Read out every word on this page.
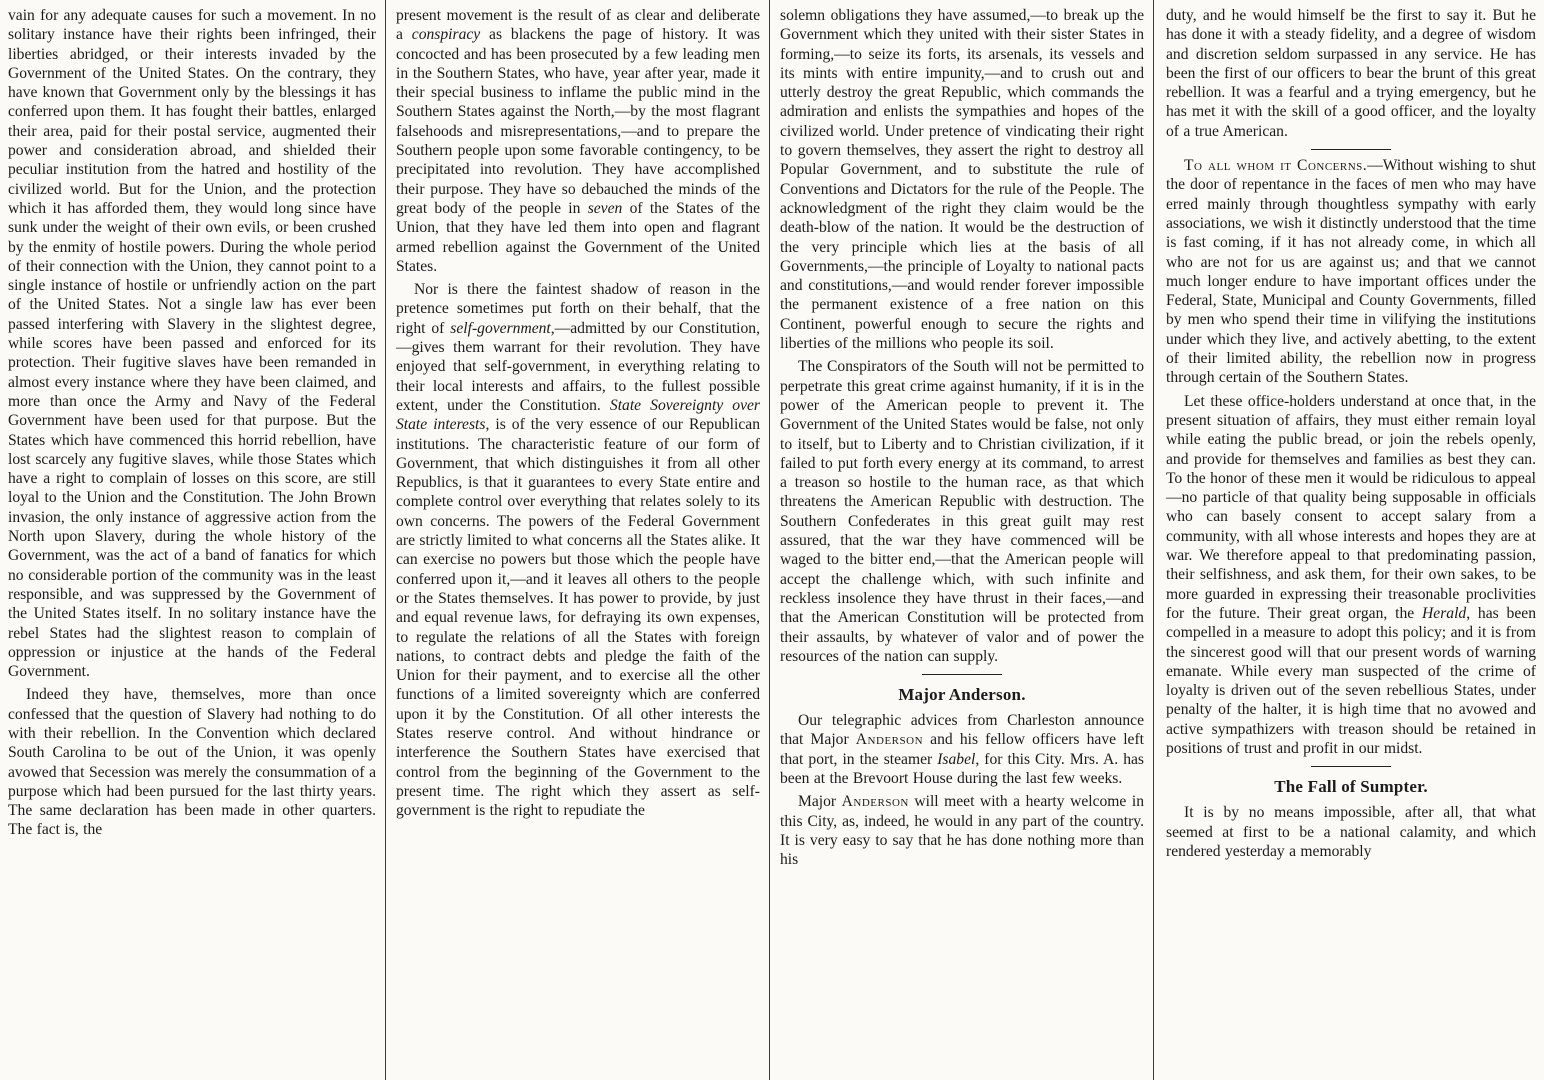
vain for any adequate causes for such a movement. In no solitary instance have their rights been infringed, their liberties abridged, or their interests invaded by the Government of the United States. On the contrary, they have known that Government only by the blessings it has conferred upon them. It has fought their battles, enlarged their area, paid for their postal service, augmented their power and consideration abroad, and shielded their peculiar institution from the hatred and hostility of the civilized world. But for the Union, and the protection which it has afforded them, they would long since have sunk under the weight of their own evils, or been crushed by the enmity of hostile powers. During the whole period of their connection with the Union, they cannot point to a single instance of hostile or unfriendly action on the part of the United States. Not a single law has ever been passed interfering with Slavery in the slightest degree, while scores have been passed and enforced for its protection. Their fugitive slaves have been remanded in almost every instance where they have been claimed, and more than once the Army and Navy of the Federal Government have been used for that purpose. But the States which have commenced this horrid rebellion, have lost scarcely any fugitive slaves, while those States which have a right to complain of losses on this score, are still loyal to the Union and the Constitution. The John Brown invasion, the only instance of aggressive action from the North upon Slavery, during the whole history of the Government, was the act of a band of fanatics for which no considerable portion of the community was in the least responsible, and was suppressed by the Government of the United States itself. In no solitary instance have the rebel States had the slightest reason to complain of oppression or injustice at the hands of the Federal Government.

Indeed they have, themselves, more than once confessed that the question of Slavery had nothing to do with their rebellion. In the Convention which declared South Carolina to be out of the Union, it was openly avowed that Secession was merely the consummation of a purpose which had been pursued for the last thirty years. The same declaration has been made in other quarters. The fact is, the

present movement is the result of as clear and deliberate a conspiracy as blackens the page of history. It was concocted and has been prosecuted by a few leading men in the Southern States, who have, year after year, made it their special business to inflame the public mind in the Southern States against the North,—by the most flagrant falsehoods and misrepresentations,—and to prepare the Southern people upon some favorable contingency, to be precipitated into revolution. They have accomplished their purpose. They have so debauched the minds of the great body of the people in seven of the States of the Union, that they have led them into open and flagrant armed rebellion against the Government of the United States.

Nor is there the faintest shadow of reason in the pretence sometimes put forth on their behalf, that the right of self-government,—admitted by our Constitution,—gives them warrant for their revolution. They have enjoyed that self-government, in everything relating to their local interests and affairs, to the fullest possible extent, under the Constitution. State Sovereignty over State interests, is of the very essence of our Republican institutions. The characteristic feature of our form of Government, that which distinguishes it from all other Republics, is that it guarantees to every State entire and complete control over everything that relates solely to its own concerns. The powers of the Federal Government are strictly limited to what concerns all the States alike. It can exercise no powers but those which the people have conferred upon it,—and it leaves all others to the people or the States themselves. It has power to provide, by just and equal revenue laws, for defraying its own expenses, to regulate the relations of all the States with foreign nations, to contract debts and pledge the faith of the Union for their payment, and to exercise all the other functions of a limited sovereignty which are conferred upon it by the Constitution. Of all other interests the States reserve control. And without hindrance or interference the Southern States have exercised that control from the beginning of the Government to the present time. The right which they assert as self-government is the right to repudiate the

solemn obligations they have assumed,—to break up the Government which they united with their sister States in forming,—to seize its forts, its arsenals, its vessels and its mints with entire impunity,—and to crush out and utterly destroy the great Republic, which commands the admiration and enlists the sympathies and hopes of the civilized world. Under pretence of vindicating their right to govern themselves, they assert the right to destroy all Popular Government, and to substitute the rule of Conventions and Dictators for the rule of the People. The acknowledgment of the right they claim would be the death-blow of the nation. It would be the destruction of the very principle which lies at the basis of all Governments,—the principle of Loyalty to national pacts and constitutions,—and would render forever impossible the permanent existence of a free nation on this Continent, powerful enough to secure the rights and liberties of the millions who people its soil.

The Conspirators of the South will not be permitted to perpetrate this great crime against humanity, if it is in the power of the American people to prevent it. The Government of the United States would be false, not only to itself, but to Liberty and to Christian civilization, if it failed to put forth every energy at its command, to arrest a treason so hostile to the human race, as that which threatens the American Republic with destruction. The Southern Confederates in this great guilt may rest assured, that the war they have commenced will be waged to the bitter end,—that the American people will accept the challenge which, with such infinite and reckless insolence they have thrust in their faces,—and that the American Constitution will be protected from their assaults, by whatever of valor and of power the resources of the nation can supply.

Major Anderson.

Our telegraphic advices from Charleston announce that Major Anderson and his fellow officers have left that port, in the steamer Isabel, for this City. Mrs. A. has been at the Brevoort House during the last few weeks.

Major Anderson will meet with a hearty welcome in this City, as, indeed, he would in any part of the country. It is very easy to say that he has done nothing more than his

duty, and he would himself be the first to say it. But he has done it with a steady fidelity, and a degree of wisdom and discretion seldom surpassed in any service. He has been the first of our officers to bear the brunt of this great rebellion. It was a fearful and a trying emergency, but he has met it with the skill of a good officer, and the loyalty of a true American.

To all whom it Concerns.—Without wishing to shut the door of repentance in the faces of men who may have erred mainly through thoughtless sympathy with early associations, we wish it distinctly understood that the time is fast coming, if it has not already come, in which all who are not for us are against us; and that we cannot much longer endure to have important offices under the Federal, State, Municipal and County Governments, filled by men who spend their time in vilifying the institutions under which they live, and actively abetting, to the extent of their limited ability, the rebellion now in progress through certain of the Southern States.

Let these office-holders understand at once that, in the present situation of affairs, they must either remain loyal while eating the public bread, or join the rebels openly, and provide for themselves and families as best they can. To the honor of these men it would be ridiculous to appeal—no particle of that quality being supposable in officials who can basely consent to accept salary from a community, with all whose interests and hopes they are at war. We therefore appeal to that predominating passion, their selfishness, and ask them, for their own sakes, to be more guarded in expressing their treasonable proclivities for the future. Their great organ, the Herald, has been compelled in a measure to adopt this policy; and it is from the sincerest good will that our present words of warning emanate. While every man suspected of the crime of loyalty is driven out of the seven rebellious States, under penalty of the halter, it is high time that no avowed and active sympathizers with treason should be retained in positions of trust and profit in our midst.

The Fall of Sumpter.

It is by no means impossible, after all, that what seemed at first to be a national calamity, and which rendered yesterday a memorably
